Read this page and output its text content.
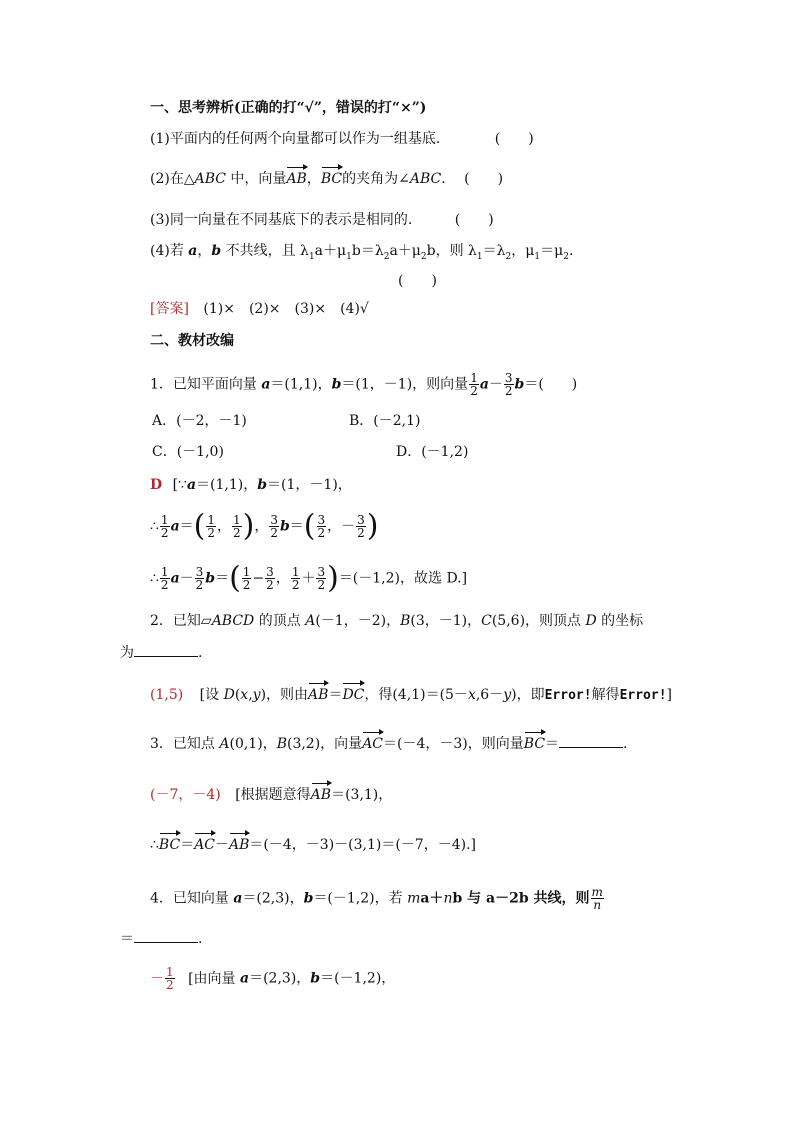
一、思考辨析(正确的打“√”，错误的打“×”)
(1)平面内的任何两个向量都可以作为一组基底.	(　　)
(2)在△ABC 中，向量AB，BC的夹角为∠ABC. (　　)
(3)同一向量在不同基底下的表示是相同的.	(　　)
(4)若 a，b 不共线，且 $\lambda_1a+\mu_1b=\lambda_2a+\mu_2b$，则 $\lambda_1=\lambda_2$，$\mu_1=\mu_2$.
(　　)
[答案] (1)×　(2)×　(3)×　(4)√
二、教材改编
1．已知平面向量 a＝(1,1)，b＝(1，－1)，则向量 $\frac{1}{2} a- \frac{3}{2} b=$(　　)
A．(－2，－1)	B．(－2,1)
C．(－1,0)	D．(－1,2)
D [∵a＝(1,1)，b＝(1，－1)，
∴ $\frac{1}{2} a=( \frac{1}{2}$ ， $\frac{1}{2}$ )， $\frac{3}{2} b=( \frac{3}{2}$ ，－ $\frac{3}{2}$ )
∴ $\frac{1}{2} a- \frac{3}{2} b=( \frac{1}{2} - \frac{3}{2}$ ， $\frac{1}{2} + \frac{3}{2} )=(-1,2)$，故选 D.]
2．已知▱ABCD 的顶点 A(－1，－2)，B(3，－1)，C(5,6)，则顶点 D 的坐标
为	.
(1,5) [设 D(x,y)，则由AB＝DC，得(4,1)＝(5－x,6－y)，即Error!解得Error!]
3．已知点 A(0,1)，B(3,2)，向量AC＝(－4，－3)，则向量BC＝	.
(－7，－4) [根据题意得AB＝(3,1)，
∴BC＝AC－AB＝(－4，－3)－(3,1)＝(－7，－4).]
4．已知向量 a＝(2,3)，b＝(－1,2)，若 ma＋nb 与 a－2b 共线，则 $\frac{m}{n}$
＝	.
－ $\frac{1}{2}$ [由向量 a＝(2,3)，b＝(－1,2)，
